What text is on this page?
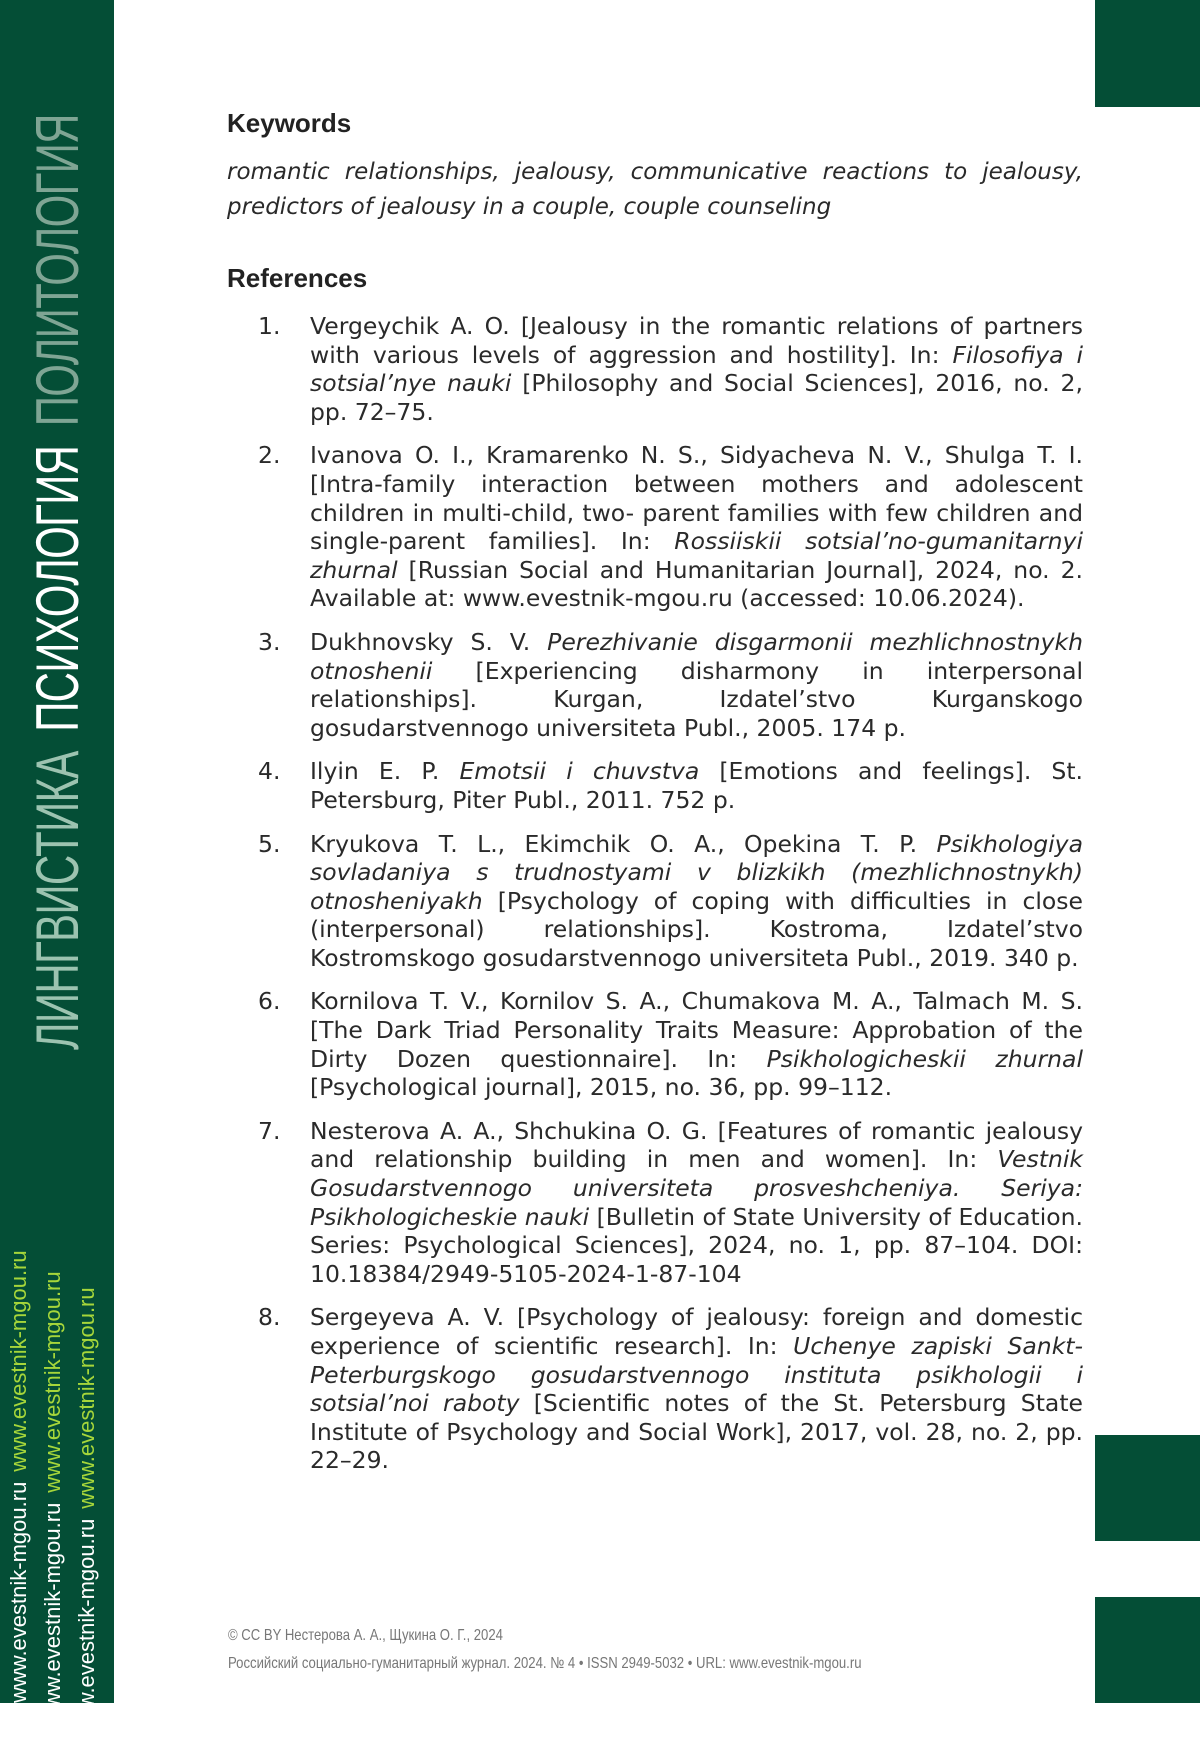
ЛИНГВИСТИКА
ПСИХОЛОГИЯ
ПОЛИТОЛОГИЯ
www.evestnik-mgou.ruwww.evestnik-mgou.ru
www.evestnik-mgou.ruwww.evestnik-mgou.ru
www.evestnik-mgou.ruwww.evestnik-mgou.ru
Keywords

romantic relationships, jealousy, communicative reactions to jealousy, predictors of jealousy in a couple, couple counseling

References
1. Vergeychik A. O. [Jealousy in the romantic relations of partners with various levels of aggression and hostility]. In: Filosofiya i sotsial’nye nauki [Philosophy and Social Sciences], 2016, no. 2, pp. 72–75.
2. Ivanova O. I., Kramarenko N. S., Sidyacheva N. V., Shulga T. I. [Intra-family interaction between mothers and adolescent children in multi-child, two- parent families with few children and single-parent families]. In: Rossiiskii sotsial’no-gumanitarnyi zhurnal [Russian Social and Humanitarian Journal], 2024, no. 2. Available at: www.evestnik-mgou.ru (accessed: 10.06.2024).
3. Dukhnovsky S. V. Perezhivanie disgarmonii mezhlichnostnykh otnoshenii [Experiencing disharmony in interpersonal relationships]. Kurgan, Izdatel’stvo Kurganskogo gosudarstvennogo universiteta Publ., 2005. 174 p.
4. Ilyin E. P. Emotsii i chuvstva [Emotions and feelings]. St. Petersburg, Piter Publ., 2011. 752 p.
5. Kryukova T. L., Ekimchik O. A., Opekina T. P. Psikhologiya sovladaniya s trudnostyami v blizkikh (mezhlichnostnykh) otnosheniyakh [Psychology of coping with difficulties in close (interpersonal) relationships]. Kostroma, Izdatel’stvo Kostromskogo gosudarstvennogo universiteta Publ., 2019. 340 p.
6. Kornilova T. V., Kornilov S. A., Chumakova M. A., Talmach M. S. [The Dark Triad Personality Traits Measure: Approbation of the Dirty Dozen questionnaire]. In: Psikhologicheskii zhurnal [Psychological journal], 2015, no. 36, pp. 99–112.
7. Nesterova A. A., Shchukina O. G. [Features of romantic jealousy and relationship building in men and women]. In: Vestnik Gosudarstvennogo universiteta prosveshcheniya. Seriya: Psikhologicheskie nauki [Bulletin of State University of Education. Series: Psychological Sciences], 2024, no. 1, pp. 87–104. DOI: 10.18384/2949-5105-2024-1-87-104
8. Sergeyeva A. V. [Psychology of jealousy: foreign and domestic experience of scientific research]. In: Uchenye zapiski Sankt-Peterburgskogo gosudarstvennogo instituta psikhologii i sotsial’noi raboty [Scientific notes of the St. Petersburg State Institute of Psychology and Social Work], 2017, vol. 28, no. 2, pp. 22–29.
© CC BY Нестерова А. А., Щукина О. Г., 2024
Российский социально-гуманитарный журнал. 2024. № 4 • ISSN 2949-5032 • URL: www.evestnik-mgou.ru
